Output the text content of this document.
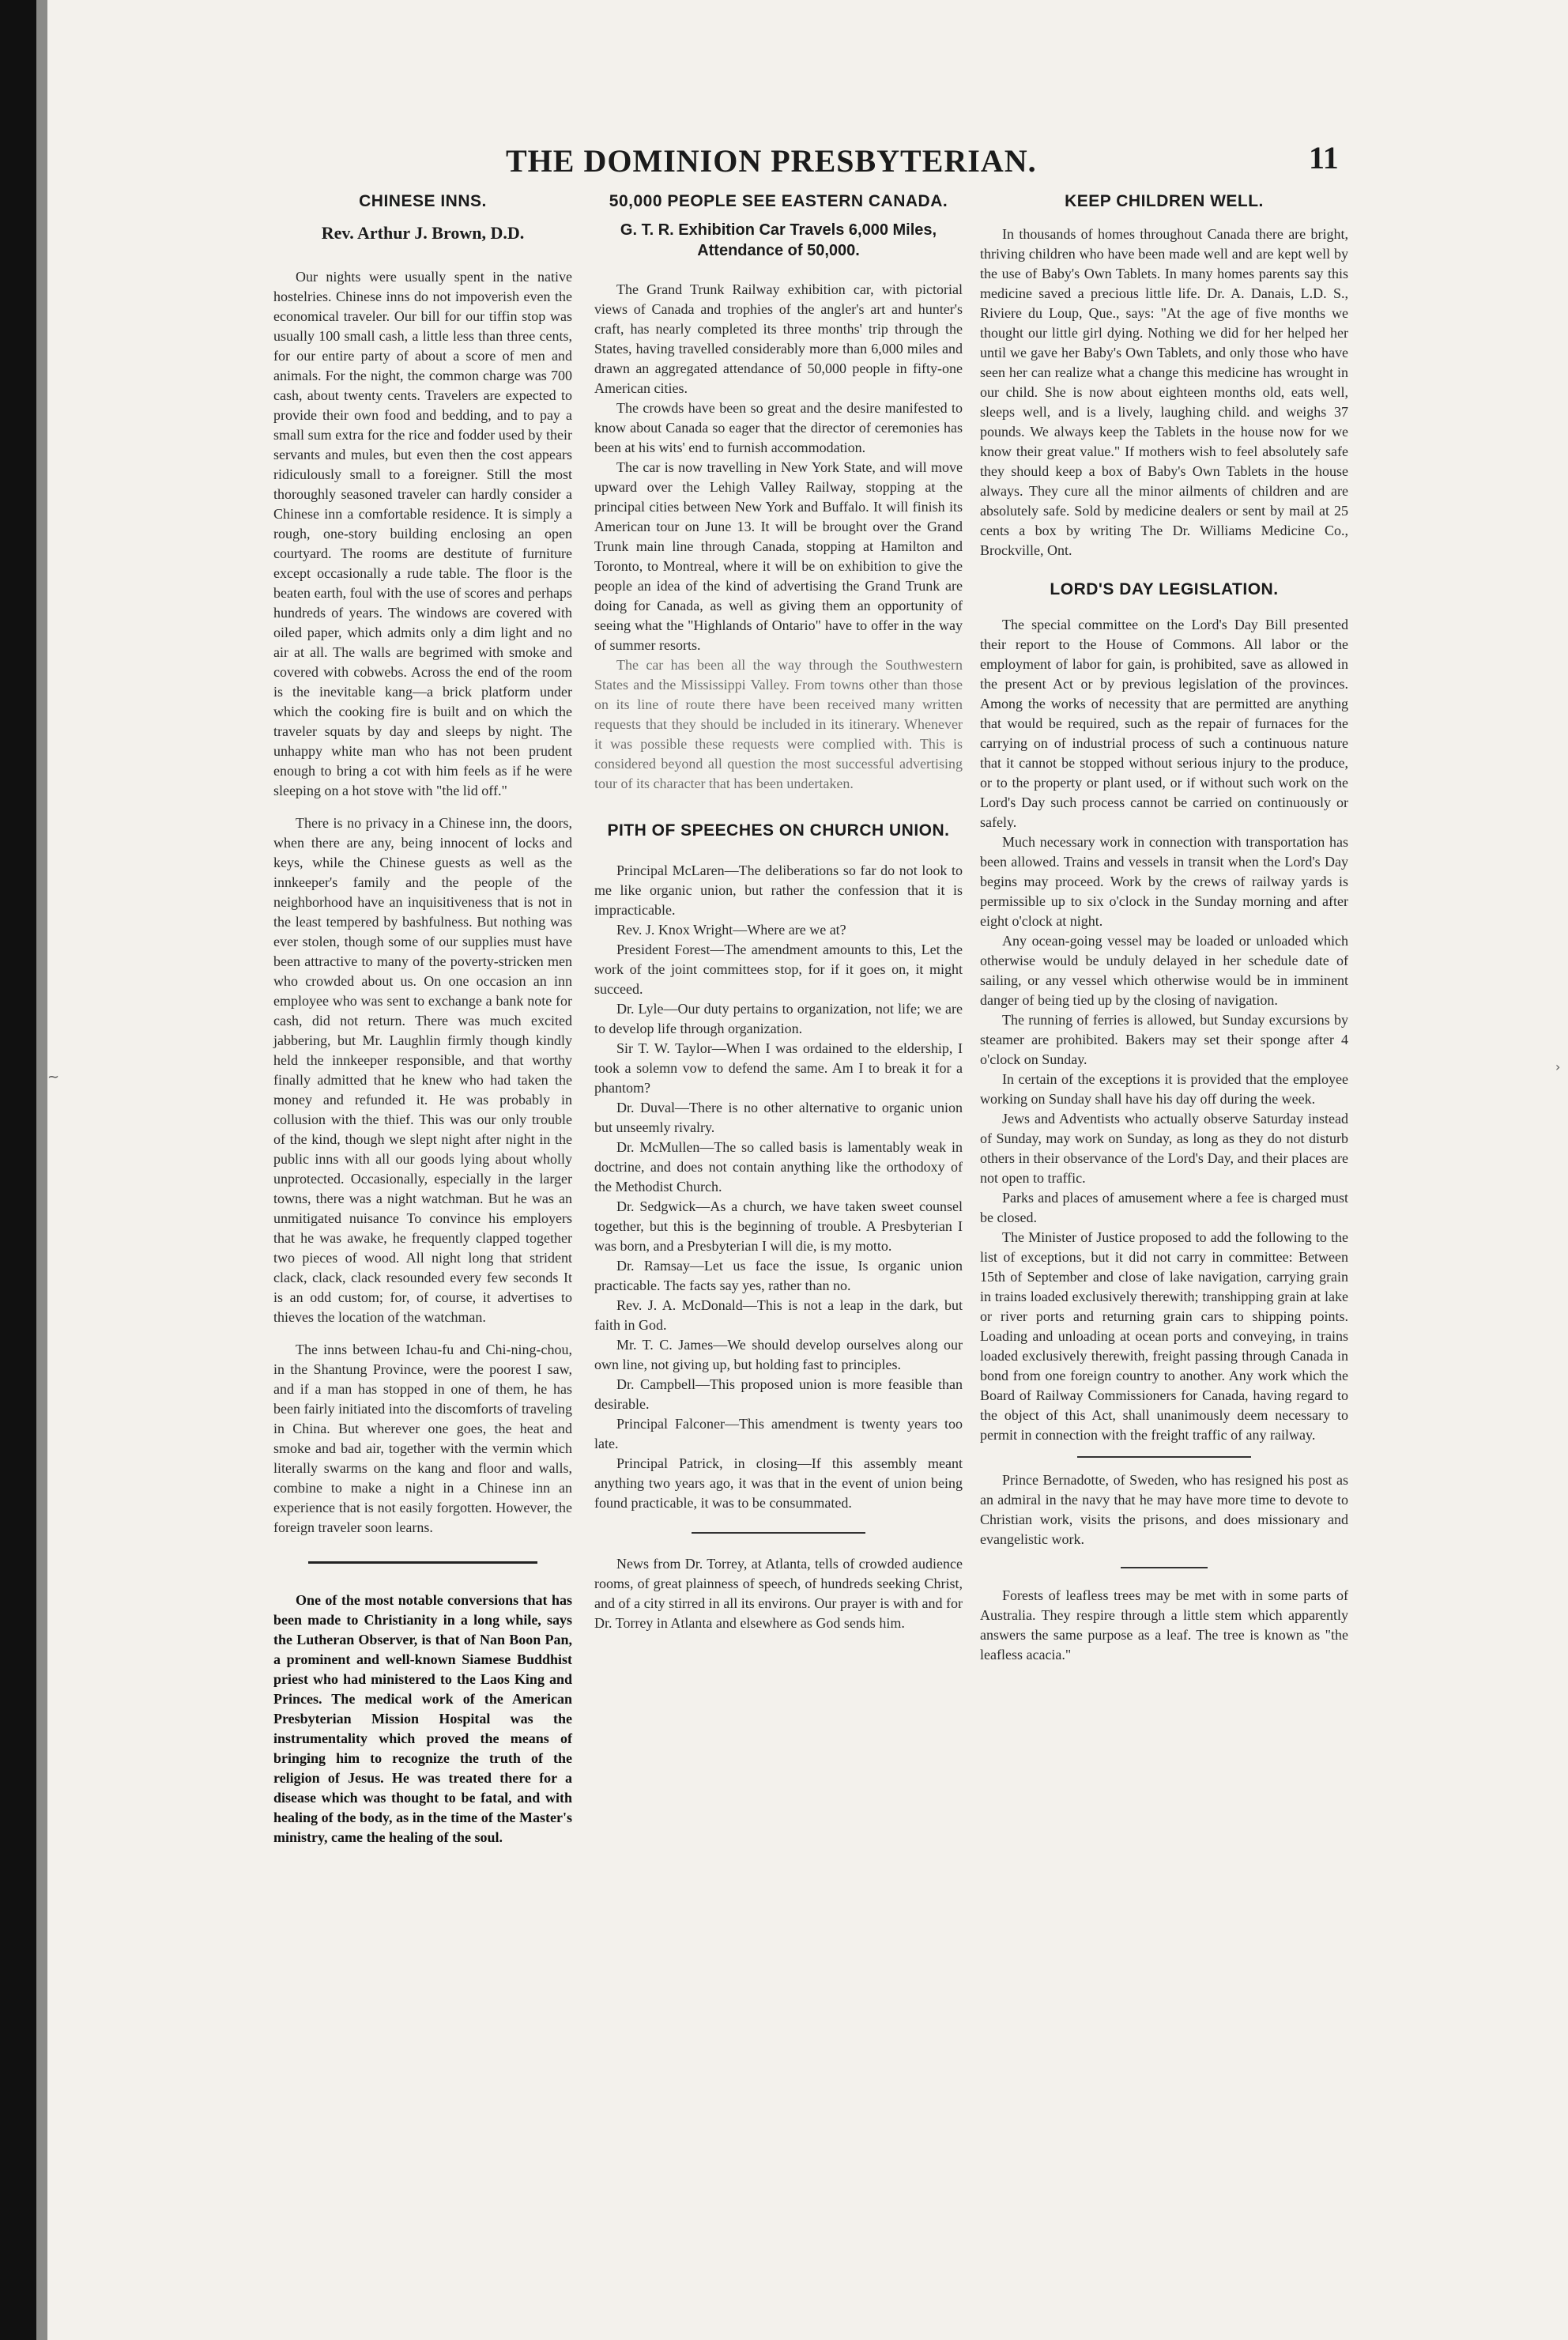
~
›
THE DOMINION PRESBYTERIAN.	11
CHINESE INNS.
Rev. Arthur J. Brown, D.D.

Our nights were usually spent in the native hostelries. Chinese inns do not impoverish even the economical traveler. Our bill for our tiffin stop was usually 100 small cash, a little less than three cents, for our entire party of about a score of men and animals. For the night, the common charge was 700 cash, about twenty cents. Travelers are expected to provide their own food and bedding, and to pay a small sum extra for the rice and fodder used by their servants and mules, but even then the cost appears ridiculously small to a foreigner. Still the most thoroughly seasoned traveler can hardly consider a Chinese inn a comfortable residence. It is simply a rough, one-story building enclosing an open courtyard. The rooms are destitute of furniture except occasionally a rude table. The floor is the beaten earth, foul with the use of scores and perhaps hundreds of years. The windows are covered with oiled paper, which admits only a dim light and no air at all. The walls are begrimed with smoke and covered with cobwebs. Across the end of the room is the inevitable kang—a brick platform under which the cooking fire is built and on which the traveler squats by day and sleeps by night. The unhappy white man who has not been prudent enough to bring a cot with him feels as if he were sleeping on a hot stove with "the lid off."

There is no privacy in a Chinese inn, the doors, when there are any, being innocent of locks and keys, while the Chinese guests as well as the innkeeper's family and the people of the neighborhood have an inquisitiveness that is not in the least tempered by bashfulness. But nothing was ever stolen, though some of our supplies must have been attractive to many of the poverty-stricken men who crowded about us. On one occasion an inn employee who was sent to exchange a bank note for cash, did not return. There was much excited jabbering, but Mr. Laughlin firmly though kindly held the innkeeper responsible, and that worthy finally admitted that he knew who had taken the money and refunded it. He was probably in collusion with the thief. This was our only trouble of the kind, though we slept night after night in the public inns with all our goods lying about wholly unprotected. Occasionally, especially in the larger towns, there was a night watchman. But he was an unmitigated nuisance To convince his employers that he was awake, he frequently clapped together two pieces of wood. All night long that strident clack, clack, clack resounded every few seconds It is an odd custom; for, of course, it advertises to thieves the location of the watchman.

The inns between Ichau-fu and Chi-ning-chou, in the Shantung Province, were the poorest I saw, and if a man has stopped in one of them, he has been fairly initiated into the discomforts of traveling in China. But wherever one goes, the heat and smoke and bad air, together with the vermin which literally swarms on the kang and floor and walls, combine to make a night in a Chinese inn an experience that is not easily forgotten. However, the foreign traveler soon learns.

One of the most notable conversions that has been made to Christianity in a long while, says the Lutheran Observer, is that of Nan Boon Pan, a prominent and well-known Siamese Buddhist priest who had ministered to the Laos King and Princes. The medical work of the American Presbyterian Mission Hospital was the instrumentality which proved the means of bringing him to recognize the truth of the religion of Jesus. He was treated there for a disease which was thought to be fatal, and with healing of the body, as in the time of the Master's ministry, came the healing of the soul.

50,000 PEOPLE SEE EASTERN CANADA.
G. T. R. Exhibition Car Travels 6,000 Miles, Attendance of 50,000.

The Grand Trunk Railway exhibition car, with pictorial views of Canada and trophies of the angler's art and hunter's craft, has nearly completed its three months' trip through the States, having travelled considerably more than 6,000 miles and drawn an aggregated attendance of 50,000 people in fifty-one American cities.

The crowds have been so great and the desire manifested to know about Canada so eager that the director of ceremonies has been at his wits' end to furnish accommodation.

The car is now travelling in New York State, and will move upward over the Lehigh Valley Railway, stopping at the principal cities between New York and Buffalo. It will finish its American tour on June 13. It will be brought over the Grand Trunk main line through Canada, stopping at Hamilton and Toronto, to Montreal, where it will be on exhibition to give the people an idea of the kind of advertising the Grand Trunk are doing for Canada, as well as giving them an opportunity of seeing what the "Highlands of Ontario" have to offer in the way of summer resorts.

The car has been all the way through the Southwestern States and the Mississippi Valley. From towns other than those on its line of route there have been received many written requests that they should be included in its itinerary. Whenever it was possible these requests were complied with. This is considered beyond all question the most successful advertising tour of its character that has been undertaken.

PITH OF SPEECHES ON CHURCH UNION.

Principal McLaren—The deliberations so far do not look to me like organic union, but rather the confession that it is impracticable.

Rev. J. Knox Wright—Where are we at?

President Forest—The amendment amounts to this, Let the work of the joint committees stop, for if it goes on, it might succeed.

Dr. Lyle—Our duty pertains to organization, not life; we are to develop life through organization.

Sir T. W. Taylor—When I was ordained to the eldership, I took a solemn vow to defend the same. Am I to break it for a phantom?

Dr. Duval—There is no other alternative to organic union but unseemly rivalry.

Dr. McMullen—The so called basis is lamentably weak in doctrine, and does not contain anything like the orthodoxy of the Methodist Church.

Dr. Sedgwick—As a church, we have taken sweet counsel together, but this is the beginning of trouble. A Presbyterian I was born, and a Presbyterian I will die, is my motto.

Dr. Ramsay—Let us face the issue, Is organic union practicable. The facts say yes, rather than no.

Rev. J. A. McDonald—This is not a leap in the dark, but faith in God.

Mr. T. C. James—We should develop ourselves along our own line, not giving up, but holding fast to principles.

Dr. Campbell—This proposed union is more feasible than desirable.

Principal Falconer—This amendment is twenty years too late.

Principal Patrick, in closing—If this assembly meant anything two years ago, it was that in the event of union being found practicable, it was to be consummated.

News from Dr. Torrey, at Atlanta, tells of crowded audience rooms, of great plainness of speech, of hundreds seeking Christ, and of a city stirred in all its environs. Our prayer is with and for Dr. Torrey in Atlanta and elsewhere as God sends him.

KEEP CHILDREN WELL.

In thousands of homes throughout Canada there are bright, thriving children who have been made well and are kept well by the use of Baby's Own Tablets. In many homes parents say this medicine saved a precious little life. Dr. A. Danais, L.D. S., Riviere du Loup, Que., says: "At the age of five months we thought our little girl dying. Nothing we did for her helped her until we gave her Baby's Own Tablets, and only those who have seen her can realize what a change this medicine has wrought in our child. She is now about eighteen months old, eats well, sleeps well, and is a lively, laughing child. and weighs 37 pounds. We always keep the Tablets in the house now for we know their great value." If mothers wish to feel absolutely safe they should keep a box of Baby's Own Tablets in the house always. They cure all the minor ailments of children and are absolutely safe. Sold by medicine dealers or sent by mail at 25 cents a box by writing The Dr. Williams Medicine Co., Brockville, Ont.

LORD'S DAY LEGISLATION.

The special committee on the Lord's Day Bill presented their report to the House of Commons. All labor or the employment of labor for gain, is prohibited, save as allowed in the present Act or by previous legislation of the provinces. Among the works of necessity that are permitted are anything that would be required, such as the repair of furnaces for the carrying on of industrial process of such a continuous nature that it cannot be stopped without serious injury to the produce, or to the property or plant used, or if without such work on the Lord's Day such process cannot be carried on continuously or safely.

Much necessary work in connection with transportation has been allowed. Trains and vessels in transit when the Lord's Day begins may proceed. Work by the crews of railway yards is permissible up to six o'clock in the Sunday morning and after eight o'clock at night.

Any ocean-going vessel may be loaded or unloaded which otherwise would be unduly delayed in her schedule date of sailing, or any vessel which otherwise would be in imminent danger of being tied up by the closing of navigation.

The running of ferries is allowed, but Sunday excursions by steamer are prohibited. Bakers may set their sponge after 4 o'clock on Sunday.

In certain of the exceptions it is provided that the employee working on Sunday shall have his day off during the week.

Jews and Adventists who actually observe Saturday instead of Sunday, may work on Sunday, as long as they do not disturb others in their observance of the Lord's Day, and their places are not open to traffic.

Parks and places of amusement where a fee is charged must be closed.

The Minister of Justice proposed to add the following to the list of exceptions, but it did not carry in committee: Between 15th of September and close of lake navigation, carrying grain in trains loaded exclusively therewith; transhipping grain at lake or river ports and returning grain cars to shipping points. Loading and unloading at ocean ports and conveying, in trains loaded exclusively therewith, freight passing through Canada in bond from one foreign country to another. Any work which the Board of Railway Commissioners for Canada, having regard to the object of this Act, shall unanimously deem necessary to permit in connection with the freight traffic of any railway.

Prince Bernadotte, of Sweden, who has resigned his post as an admiral in the navy that he may have more time to devote to Christian work, visits the prisons, and does missionary and evangelistic work.

Forests of leafless trees may be met with in some parts of Australia. They respire through a little stem which apparently answers the same purpose as a leaf. The tree is known as "the leafless acacia."
